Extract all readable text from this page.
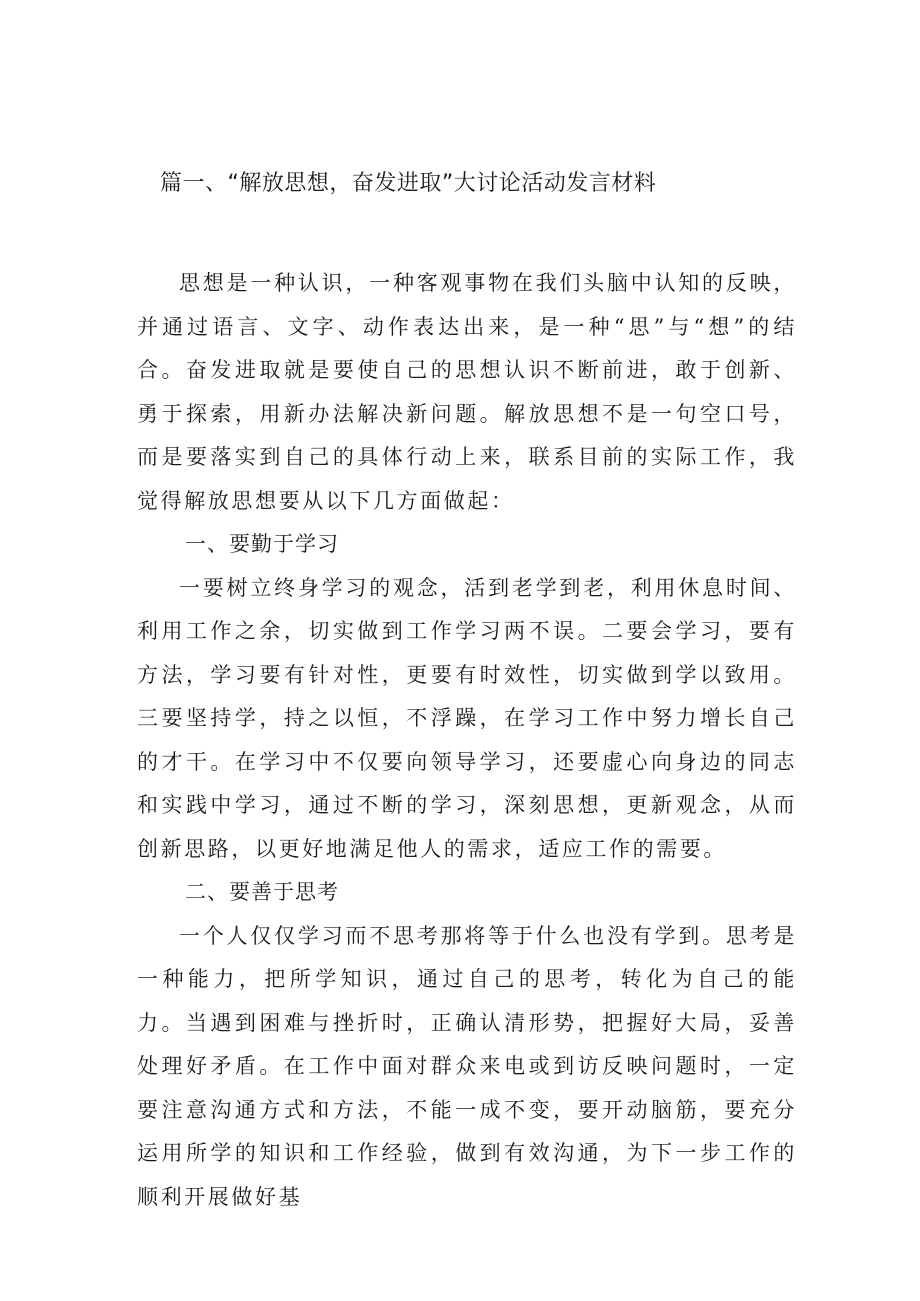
篇一、“解放思想，奋发进取”大讨论活动发言材料

思想是一种认识，一种客观事物在我们头脑中认知的反映，并通过语言、文字、动作表达出来，是一种“思”与“想”的结合。奋发进取就是要使自己的思想认识不断前进，敢于创新、勇于探索，用新办法解决新问题。解放思想不是一句空口号，而是要落实到自己的具体行动上来，联系目前的实际工作，我觉得解放思想要从以下几方面做起：

一、要勤于学习

一要树立终身学习的观念，活到老学到老，利用休息时间、利用工作之余，切实做到工作学习两不误。二要会学习，要有方法，学习要有针对性，更要有时效性，切实做到学以致用。三要坚持学，持之以恒，不浮躁，在学习工作中努力增长自己的才干。在学习中不仅要向领导学习，还要虚心向身边的同志和实践中学习，通过不断的学习，深刻思想，更新观念，从而创新思路，以更好地满足他人的需求，适应工作的需要。

二、要善于思考

一个人仅仅学习而不思考那将等于什么也没有学到。思考是一种能力，把所学知识，通过自己的思考，转化为自己的能力。当遇到困难与挫折时，正确认清形势，把握好大局，妥善处理好矛盾。在工作中面对群众来电或到访反映问题时，一定要注意沟通方式和方法，不能一成不变，要开动脑筋，要充分运用所学的知识和工作经验，做到有效沟通，为下一步工作的顺利开展做好基
